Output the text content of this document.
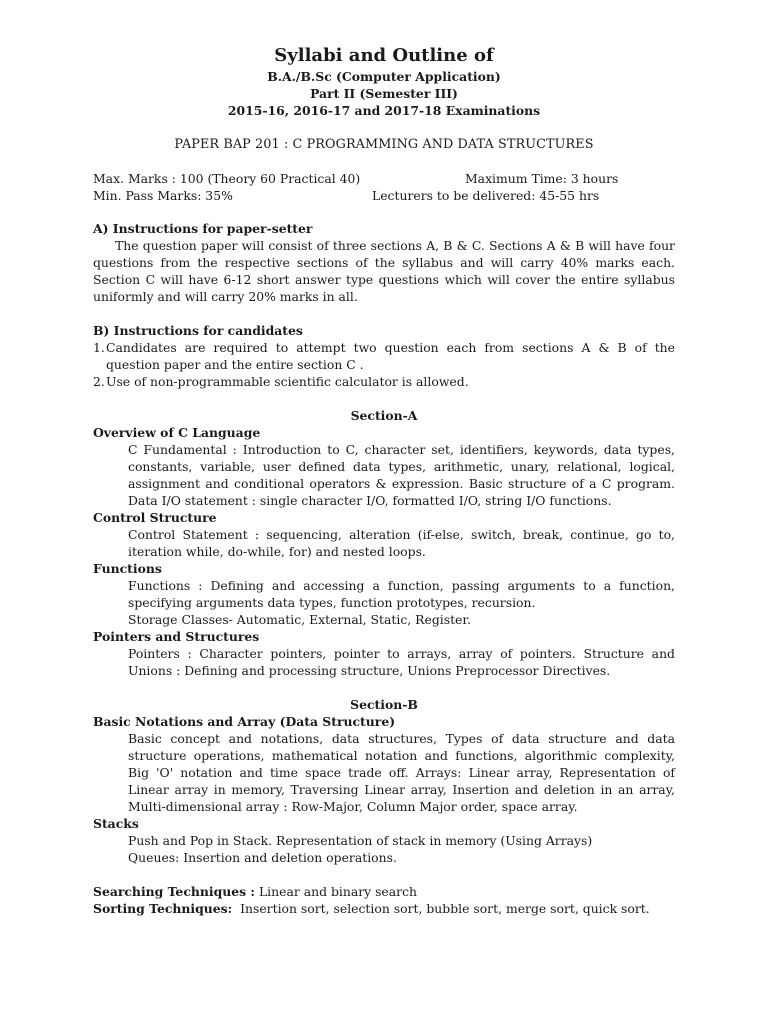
Syllabi and Outline of
B.A./B.Sc (Computer Application)
Part II (Semester III)
2015-16, 2016-17 and 2017-18 Examinations
PAPER BAP 201 : C PROGRAMMING AND DATA STRUCTURES
Max. Marks : 100 (Theory 60 Practical 40)	Maximum Time: 3 hours
Min. Pass Marks: 35%	Lecturers to be delivered: 45-55 hrs
A) Instructions for paper-setter
The question paper will consist of three sections A, B & C. Sections A & B will have four questions from the respective sections of the syllabus and will carry 40% marks each. Section C will have 6-12 short answer type questions which will cover the entire syllabus uniformly and will carry 20% marks in all.
B) Instructions for candidates
1. Candidates are required to attempt two question each from sections A & B of the question paper and the entire section C .
2. Use of non-programmable scientific calculator is allowed.
Section-A
Overview of C Language
C Fundamental : Introduction to C, character set, identifiers, keywords, data types, constants, variable, user defined data types, arithmetic, unary, relational, logical, assignment and conditional operators & expression. Basic structure of a C program. Data I/O statement : single character I/O, formatted I/O, string I/O functions.
Control Structure
Control Statement : sequencing, alteration (if-else, switch, break, continue, go to, iteration while, do-while, for) and nested loops.
Functions
Functions : Defining and accessing a function, passing arguments to a function, specifying arguments data types, function prototypes, recursion.
Storage Classes- Automatic, External, Static, Register.
Pointers and Structures
Pointers : Character pointers, pointer to arrays, array of pointers. Structure and Unions : Defining and processing structure, Unions Preprocessor Directives.
Section-B
Basic Notations and Array (Data Structure)
Basic concept and notations, data structures, Types of data structure and data structure operations, mathematical notation and functions, algorithmic complexity, Big 'O' notation and time space trade off. Arrays: Linear array, Representation of Linear array in memory, Traversing Linear array, Insertion and deletion in an array, Multi-dimensional array : Row-Major, Column Major order, space array.
Stacks
Push and Pop in Stack. Representation of stack in memory (Using Arrays)
Queues: Insertion and deletion operations.
Searching Techniques : Linear and binary search
Sorting Techniques:  Insertion sort, selection sort, bubble sort, merge sort, quick sort.
